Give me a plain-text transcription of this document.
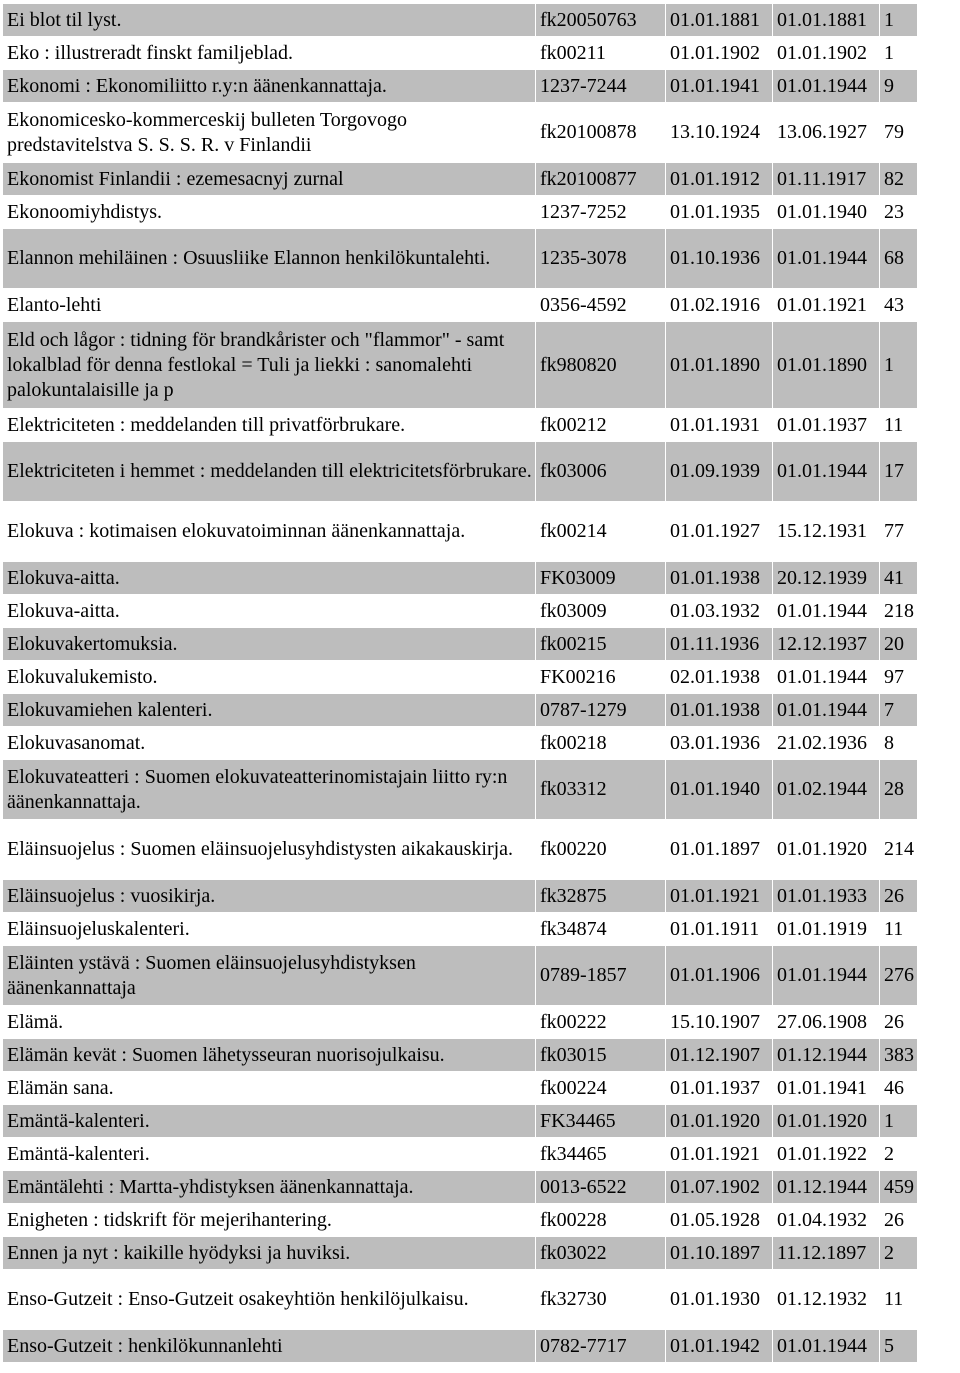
Ei blot til lyst.	fk20050763	01.01.1881	01.01.1881	1
Eko : illustreradt finskt familjeblad.	fk00211	01.01.1902	01.01.1902	1
Ekonomi : Ekonomiliitto r.y:n äänenkannattaja.	1237-7244	01.01.1941	01.01.1944	9
Ekonomicesko-kommerceskij bulleten Torgovogo predstavitelstva S. S. S. R. v Finlandii	fk20100878	13.10.1924	13.06.1927	79
Ekonomist Finlandii : ezemesacnyj zurnal	fk20100877	01.01.1912	01.11.1917	82
Ekonoomiyhdistys.	1237-7252	01.01.1935	01.01.1940	23
Elannon mehiläinen : Osuusliike Elannon henkilökuntalehti.	1235-3078	01.10.1936	01.01.1944	68
Elanto-lehti	0356-4592	01.02.1916	01.01.1921	43
Eld och lågor : tidning för brandkårister och "flammor" - samt lokalblad för denna festlokal = Tuli ja liekki : sanomalehti palokuntalaisille ja p	fk980820	01.01.1890	01.01.1890	1
Elektriciteten : meddelanden till privatförbrukare.	fk00212	01.01.1931	01.01.1937	11
Elektriciteten i hemmet : meddelanden till elektricitetsförbrukare.	fk03006	01.09.1939	01.01.1944	17
Elokuva : kotimaisen elokuvatoiminnan äänenkannattaja.	fk00214	01.01.1927	15.12.1931	77
Elokuva-aitta.	FK03009	01.01.1938	20.12.1939	41
Elokuva-aitta.	fk03009	01.03.1932	01.01.1944	218
Elokuvakertomuksia.	fk00215	01.11.1936	12.12.1937	20
Elokuvalukemisto.	FK00216	02.01.1938	01.01.1944	97
Elokuvamiehen kalenteri.	0787-1279	01.01.1938	01.01.1944	7
Elokuvasanomat.	fk00218	03.01.1936	21.02.1936	8
Elokuvateatteri : Suomen elokuvateatterinomistajain liitto ry:n äänenkannattaja.	fk03312	01.01.1940	01.02.1944	28
Eläinsuojelus : Suomen eläinsuojelusyhdistysten aikakauskirja.	fk00220	01.01.1897	01.01.1920	214
Eläinsuojelus : vuosikirja.	fk32875	01.01.1921	01.01.1933	26
Eläinsuojeluskalenteri.	fk34874	01.01.1911	01.01.1919	11
Eläinten ystävä : Suomen eläinsuojelusyhdistyksen äänenkannattaja	0789-1857	01.01.1906	01.01.1944	276
Elämä.	fk00222	15.10.1907	27.06.1908	26
Elämän kevät : Suomen lähetysseuran nuorisojulkaisu.	fk03015	01.12.1907	01.12.1944	383
Elämän sana.	fk00224	01.01.1937	01.01.1941	46
Emäntä-kalenteri.	FK34465	01.01.1920	01.01.1920	1
Emäntä-kalenteri.	fk34465	01.01.1921	01.01.1922	2
Emäntälehti : Martta-yhdistyksen äänenkannattaja.	0013-6522	01.07.1902	01.12.1944	459
Enigheten : tidskrift för mejerihantering.	fk00228	01.05.1928	01.04.1932	26
Ennen ja nyt : kaikille hyödyksi ja huviksi.	fk03022	01.10.1897	11.12.1897	2
Enso-Gutzeit : Enso-Gutzeit osakeyhtiön henkilöjulkaisu.	fk32730	01.01.1930	01.12.1932	11
Enso-Gutzeit : henkilökunnanlehti	0782-7717	01.01.1942	01.01.1944	5
